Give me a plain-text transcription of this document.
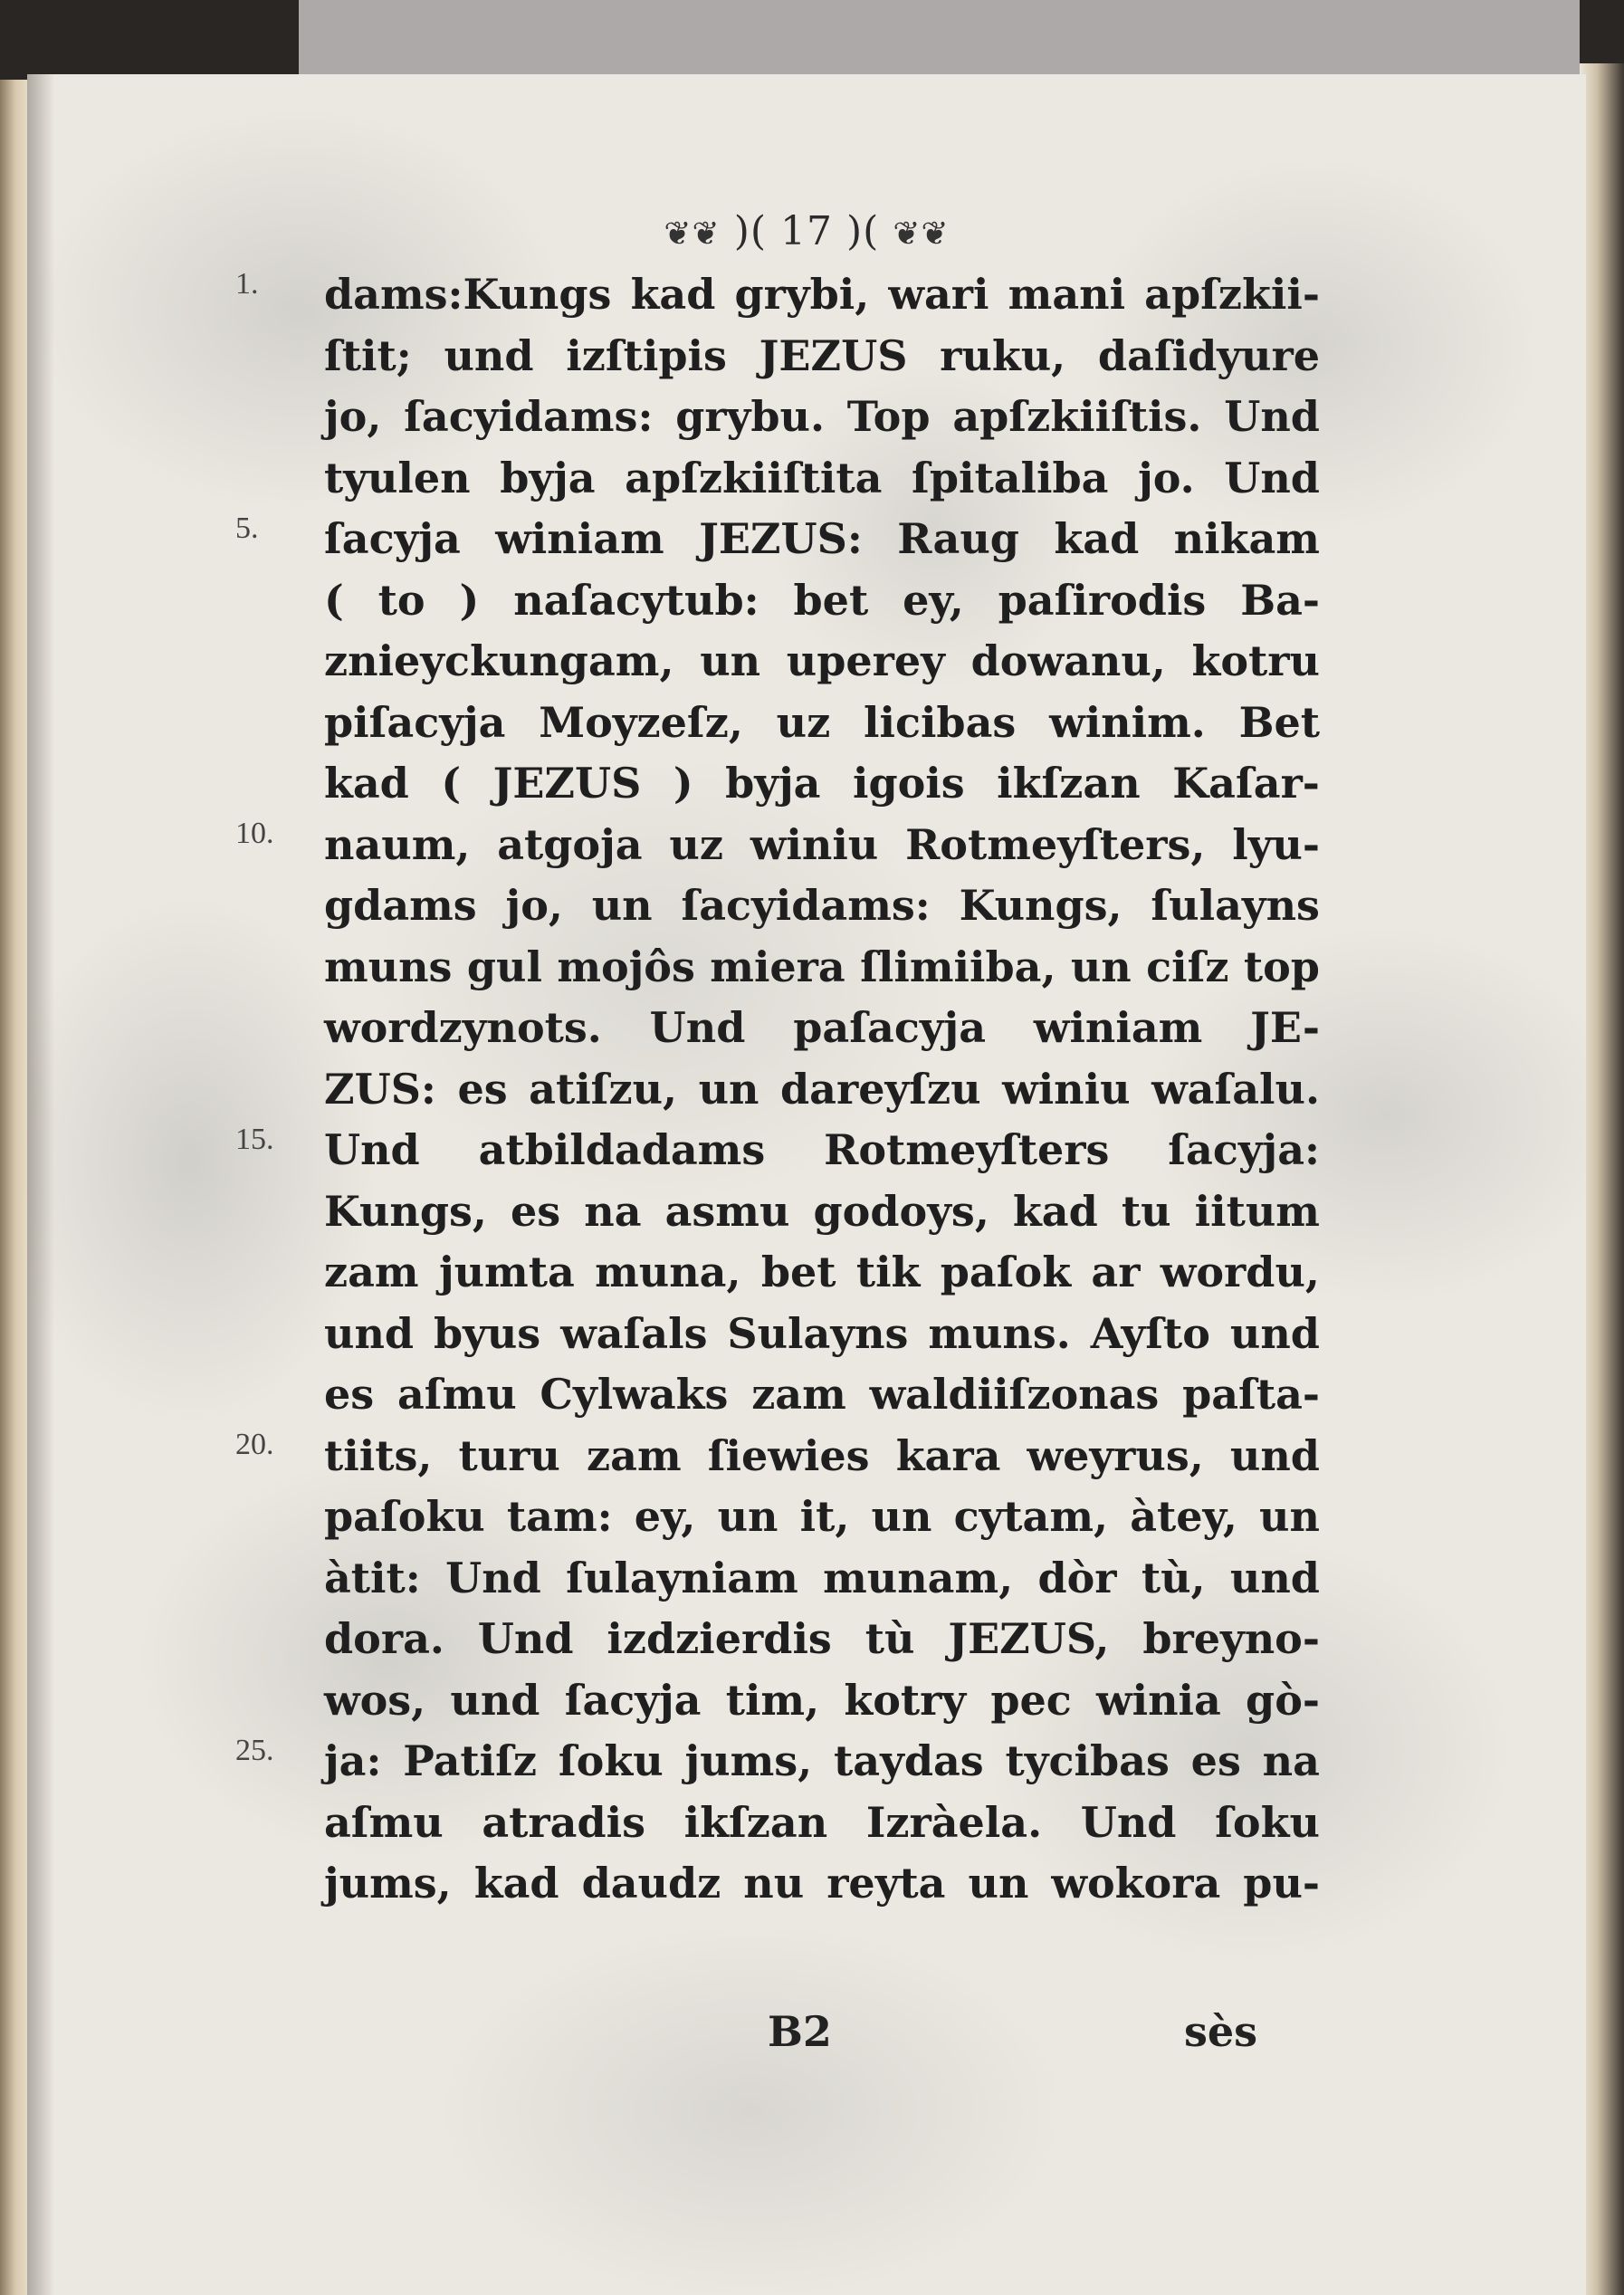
❦❦ )( 17 )( ❦❦
1.
5.
10.
15.
20.
25.
dams:Kungs kad grybi, wari mani apſzkii-
ſtit; und izſtipis JEZUS ruku, daſidyure
jo, ſacyidams: grybu. Top apſzkiiſtis. Und
tyulen byja apſzkiiſtita ſpitaliba jo. Und
ſacyja winiam JEZUS: Raug kad nikam
( to ) naſacytub: bet ey, paſirodis Ba-
znieyckungam, un uperey dowanu, kotru
piſacyja Moyzeſz, uz licibas winim. Bet
kad ( JEZUS ) byja igois ikſzan Kaſar-
naum, atgoja uz winiu Rotmeyſters, lyu-
gdams jo, un ſacyidams: Kungs, ſulayns
muns gul mojôs miera ſlimiiba, un ciſz top
wordzynots. Und paſacyja winiam JE-
ZUS: es atiſzu, un dareyſzu winiu waſalu.
Und atbildadams Rotmeyſters ſacyja:
Kungs, es na asmu godoys, kad tu iitum
zam jumta muna, bet tik paſok ar wordu,
und byus waſals Sulayns muns. Ayſto und
es aſmu Cylwaks zam waldiiſzonas paſta-
tiits, turu zam ſiewies kara weyrus, und
paſoku tam: ey, un it, un cytam, àtey, un
àtit: Und ſulayniam munam, dòr tù, und
dora. Und izdzierdis tù JEZUS, breyno-
wos, und ſacyja tim, kotry pec winia gò-
ja: Patiſz ſoku jums, taydas tycibas es na
aſmu atradis ikſzan Izràela. Und ſoku
jums, kad daudz nu reyta un wokora pu-
B2	sès
